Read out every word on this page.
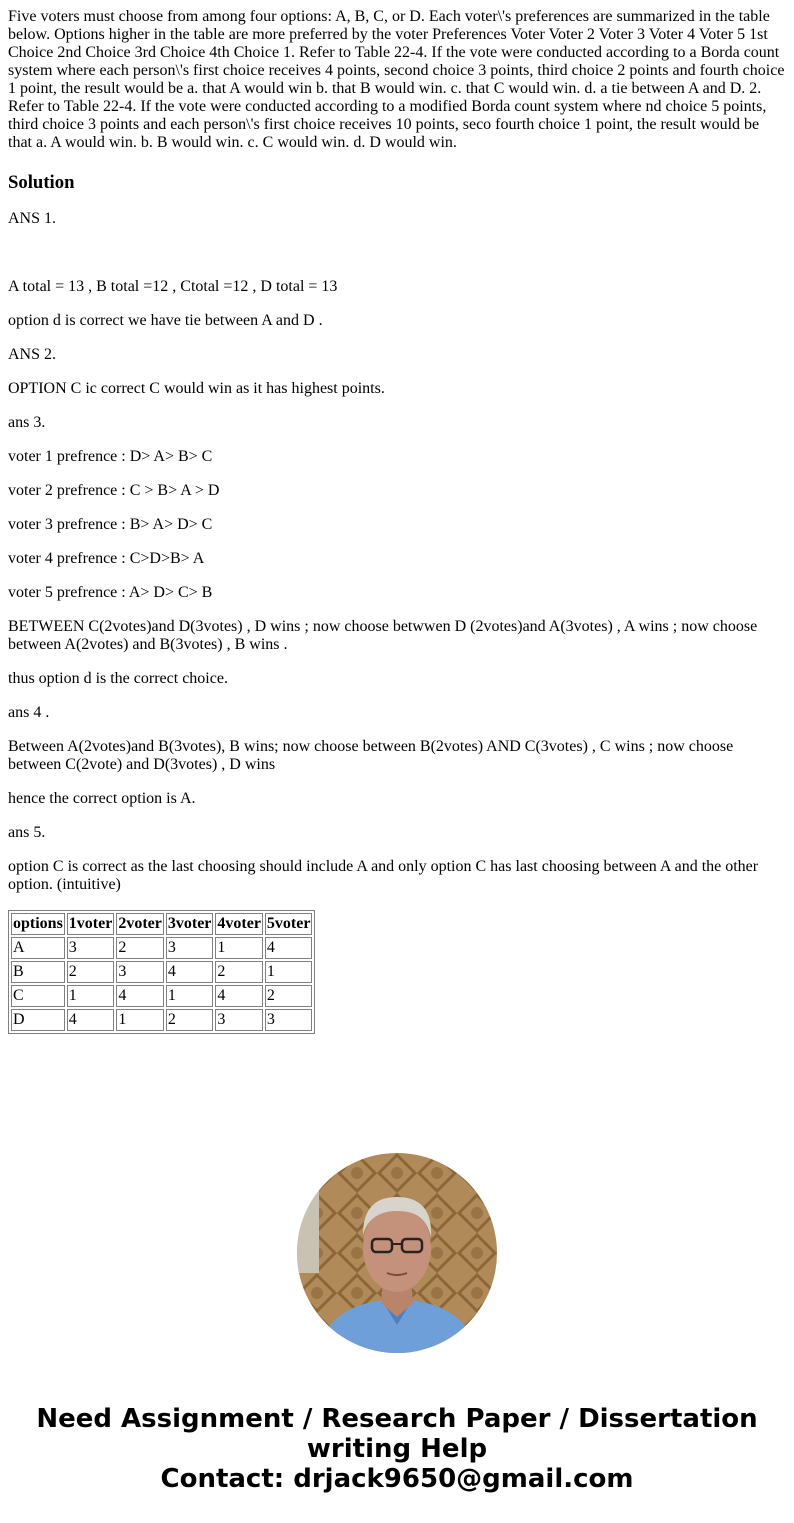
Five voters must choose from among four options: A, B, C, or D. Each voter\'s preferences are summarized in the table below. Options higher in the table are more preferred by the voter Preferences Voter Voter 2 Voter 3 Voter 4 Voter 5 1st Choice 2nd Choice 3rd Choice 4th Choice 1. Refer to Table 22-4. If the vote were conducted according to a Borda count system where each person\'s first choice receives 4 points, second choice 3 points, third choice 2 points and fourth choice 1 point, the result would be a. that A would win b. that B would win. c. that C would win. d. a tie between A and D. 2. Refer to Table 22-4. If the vote were conducted according to a modified Borda count system where nd choice 5 points, third choice 3 points and each person\'s first choice receives 10 points, seco fourth choice 1 point, the result would be that a. A would win. b. B would win. c. C would win. d. D would win.

Solution

ANS 1.

A total = 13 , B total =12 , Ctotal =12 , D total = 13

option d is correct we have tie between A and D .

ANS 2.

OPTION C ic correct C would win as it has highest points.

ans 3.

voter 1 prefrence : D> A> B> C

voter 2 prefrence : C > B> A > D

voter 3 prefrence : B> A> D> C

voter 4 prefrence : C>D>B> A

voter 5 prefrence : A> D> C> B

BETWEEN C(2votes)and D(3votes) , D wins ; now choose betwwen D (2votes)and A(3votes) , A wins ; now choose between A(2votes) and B(3votes) , B wins .

thus option d is the correct choice.

ans 4 .

Between A(2votes)and B(3votes), B wins; now choose between B(2votes) AND C(3votes) , C wins ; now choose between C(2vote) and D(3votes) , D wins

hence the correct option is A.

ans 5.

option C is correct as the last choosing should include A and only option C has last choosing between A and the other option. (intuitive)

options	1voter	2voter	3voter	4voter	5voter
A	3	2	3	1	4
B	2	3	4	2	1
C	1	4	1	4	2
D	4	1	2	3	3
Need Assignment / Research Paper / Dissertation
writing Help
Contact: drjack9650@gmail.com
